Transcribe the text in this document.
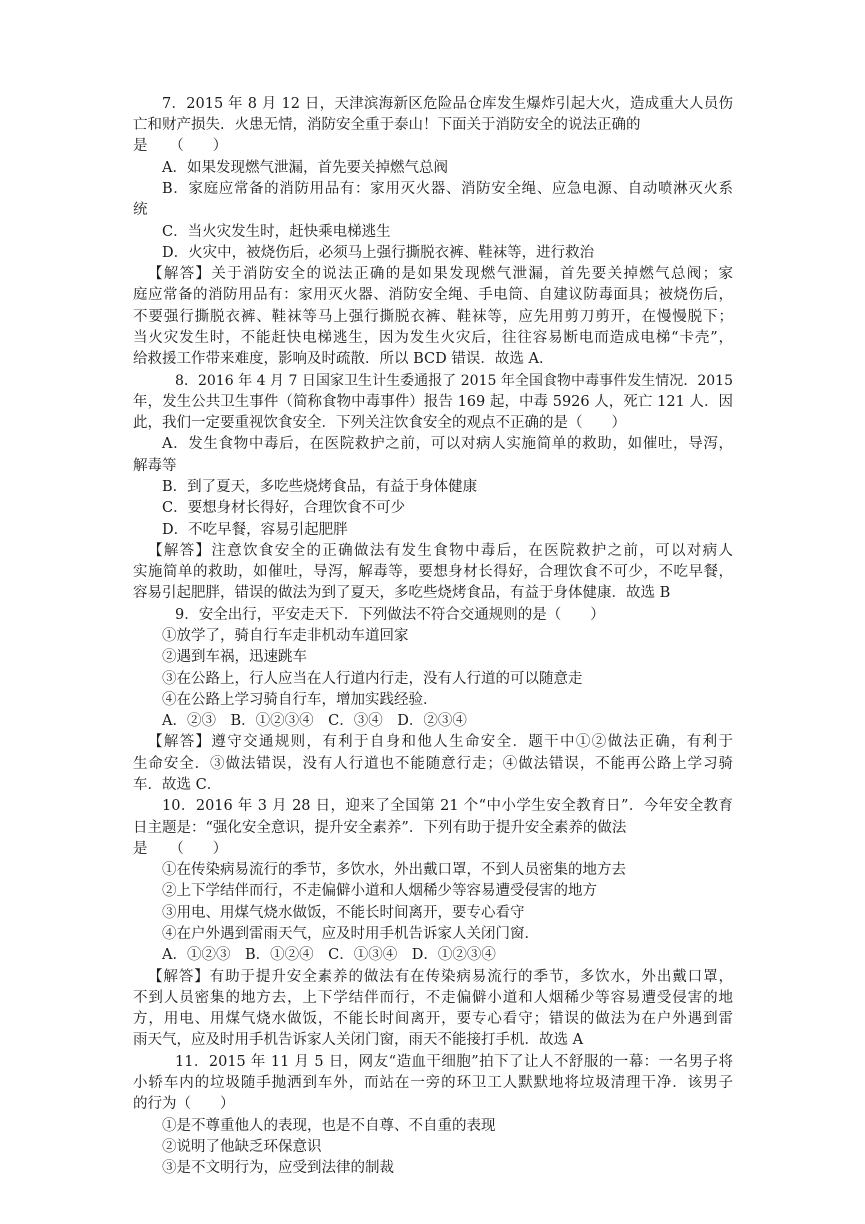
7．2015 年 8 月 12 日，天津滨海新区危险品仓库发生爆炸引起大火，造成重大人员伤
亡和财产损失．火患无情，消防安全重于泰山！下面关于消防安全的说法正确的
是　　（　　）
A．如果发现燃气泄漏，首先要关掉燃气总阀
B．家庭应常备的消防用品有：家用灭火器、消防安全绳、应急电源、自动喷淋灭火系
统
C．当火灾发生时，赶快乘电梯逃生
D．火灾中，被烧伤后，必须马上强行撕脱衣裤、鞋袜等，进行救治
【解答】关于消防安全的说法正确的是如果发现燃气泄漏，首先要关掉燃气总阀；家
庭应常备的消防用品有：家用灭火器、消防安全绳、手电筒、自建议防毒面具；被烧伤后，
不要强行撕脱衣裤、鞋袜等马上强行撕脱衣裤、鞋袜等，应先用剪刀剪开，在慢慢脱下；
当火灾发生时，不能赶快电梯逃生，因为发生火灾后，往往容易断电而造成电梯“卡壳”，
给救援工作带来难度，影响及时疏散．所以 BCD 错误．故选 A．
8．2016 年 4 月 7 日国家卫生计生委通报了 2015 年全国食物中毒事件发生情况．2015
年，发生公共卫生事件（简称食物中毒事件）报告 169 起，中毒 5926 人，死亡 121 人．因
此，我们一定要重视饮食安全．下列关注饮食安全的观点不正确的是（　　）
A．发生食物中毒后，在医院救护之前，可以对病人实施简单的救助，如催吐，导泻，
解毒等
B．到了夏天，多吃些烧烤食品，有益于身体健康
C．要想身材长得好，合理饮食不可少
D．不吃早餐，容易引起肥胖
【解答】注意饮食安全的正确做法有发生食物中毒后，在医院救护之前，可以对病人
实施简单的救助，如催吐，导泻，解毒等，要想身材长得好，合理饮食不可少，不吃早餐，
容易引起肥胖，错误的做法为到了夏天，多吃些烧烤食品，有益于身体健康．故选 B
9．安全出行，平安走天下．下列做法不符合交通规则的是（　　）
①放学了，骑自行车走非机动车道回家
②遇到车祸，迅速跳车
③在公路上，行人应当在人行道内行走，没有人行道的可以随意走
④在公路上学习骑自行车，增加实践经验．
A．②③　B．①②③④　C．③④　D．②③④
【解答】遵守交通规则，有利于自身和他人生命安全．题干中①②做法正确，有利于
生命安全．③做法错误，没有人行道也不能随意行走；④做法错误，不能再公路上学习骑
车．故选 C．
10．2016 年 3 月 28 日，迎来了全国第 21 个“中小学生安全教育日”．今年安全教育
日主题是：“强化安全意识，提升安全素养”．下列有助于提升安全素养的做法
是　　（　　）
①在传染病易流行的季节，多饮水，外出戴口罩，不到人员密集的地方去
②上下学结伴而行，不走偏僻小道和人烟稀少等容易遭受侵害的地方
③用电、用煤气烧水做饭，不能长时间离开，要专心看守
④在户外遇到雷雨天气，应及时用手机告诉家人关闭门窗．
A．①②③　B．①②④　C．①③④　D．①②③④
【解答】有助于提升安全素养的做法有在传染病易流行的季节，多饮水，外出戴口罩，
不到人员密集的地方去，上下学结伴而行，不走偏僻小道和人烟稀少等容易遭受侵害的地
方，用电、用煤气烧水做饭，不能长时间离开，要专心看守；错误的做法为在户外遇到雷
雨天气，应及时用手机告诉家人关闭门窗，雨天不能接打手机．故选 A
11．2015 年 11 月 5 日，网友“造血干细胞”拍下了让人不舒服的一幕：一名男子将
小轿车内的垃圾随手抛洒到车外，而站在一旁的环卫工人默默地将垃圾清理干净．该男子
的行为（　　）
①是不尊重他人的表现，也是不自尊、不自重的表现
②说明了他缺乏环保意识
③是不文明行为，应受到法律的制裁
